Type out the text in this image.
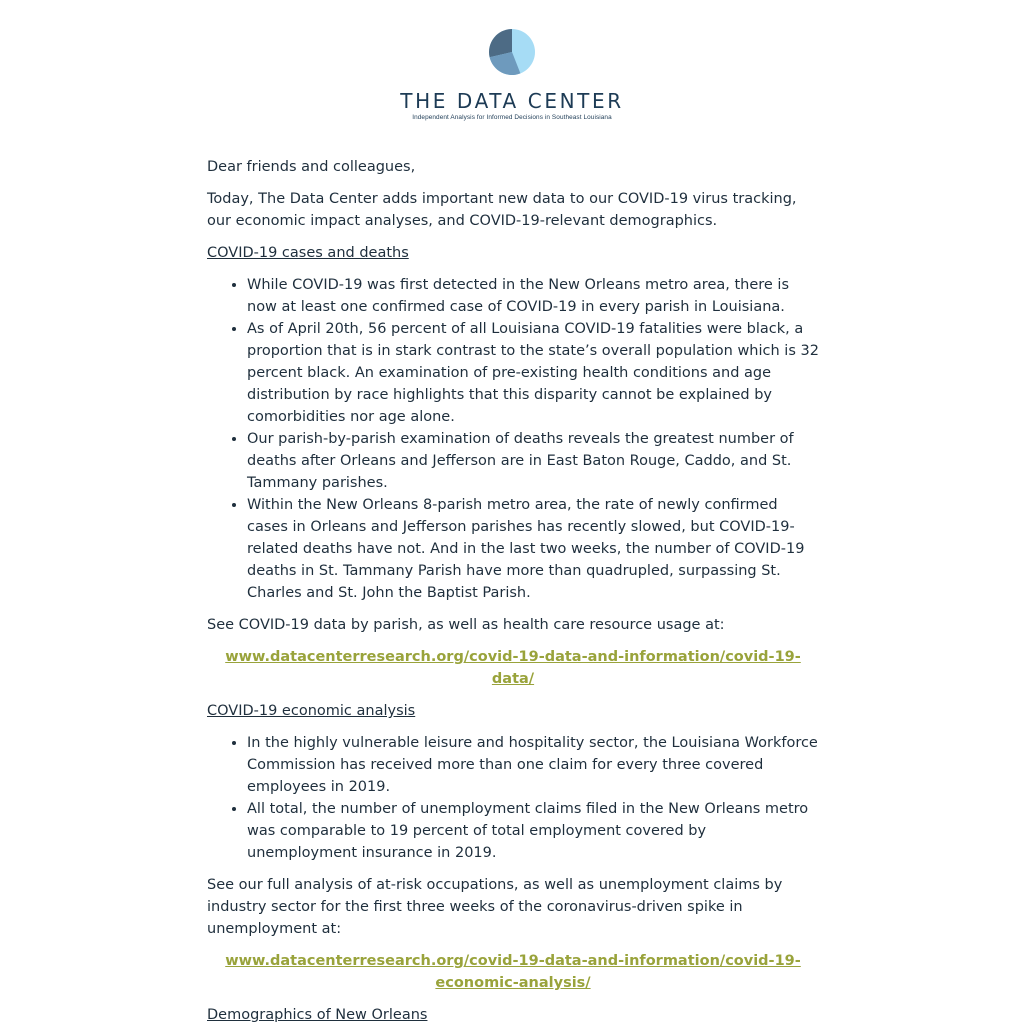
THE DATA CENTER
Independent Analysis for Informed Decisions in Southeast Louisiana

Dear friends and colleagues,

Today, The Data Center adds important new data to our COVID-19 virus tracking, our economic impact analyses, and COVID-19-relevant demographics.

COVID-19 cases and deaths

• While COVID-19 was first detected in the New Orleans metro area, there is now at least one confirmed case of COVID-19 in every parish in Louisiana.
• As of April 20th, 56 percent of all Louisiana COVID-19 fatalities were black, a proportion that is in stark contrast to the state’s overall population which is 32 percent black. An examination of pre-existing health conditions and age distribution by race highlights that this disparity cannot be explained by comorbidities nor age alone.
• Our parish-by-parish examination of deaths reveals the greatest number of deaths after Orleans and Jefferson are in East Baton Rouge, Caddo, and St. Tammany parishes.
• Within the New Orleans 8-parish metro area, the rate of newly confirmed cases in Orleans and Jefferson parishes has recently slowed, but COVID-19-related deaths have not. And in the last two weeks, the number of COVID-19 deaths in St. Tammany Parish have more than quadrupled, surpassing St. Charles and St. John the Baptist Parish.

See COVID-19 data by parish, as well as health care resource usage at:

www.datacenterresearch.org/covid-19-data-and-information/covid-19-data/

COVID-19 economic analysis

• In the highly vulnerable leisure and hospitality sector, the Louisiana Workforce Commission has received more than one claim for every three covered employees in 2019.
• All total, the number of unemployment claims filed in the New Orleans metro was comparable to 19 percent of total employment covered by unemployment insurance in 2019.

See our full analysis of at-risk occupations, as well as unemployment claims by industry sector for the first three weeks of the coronavirus-driven spike in unemployment at:

www.datacenterresearch.org/covid-19-data-and-information/covid-19-economic-analysis/

Demographics of New Orleans
